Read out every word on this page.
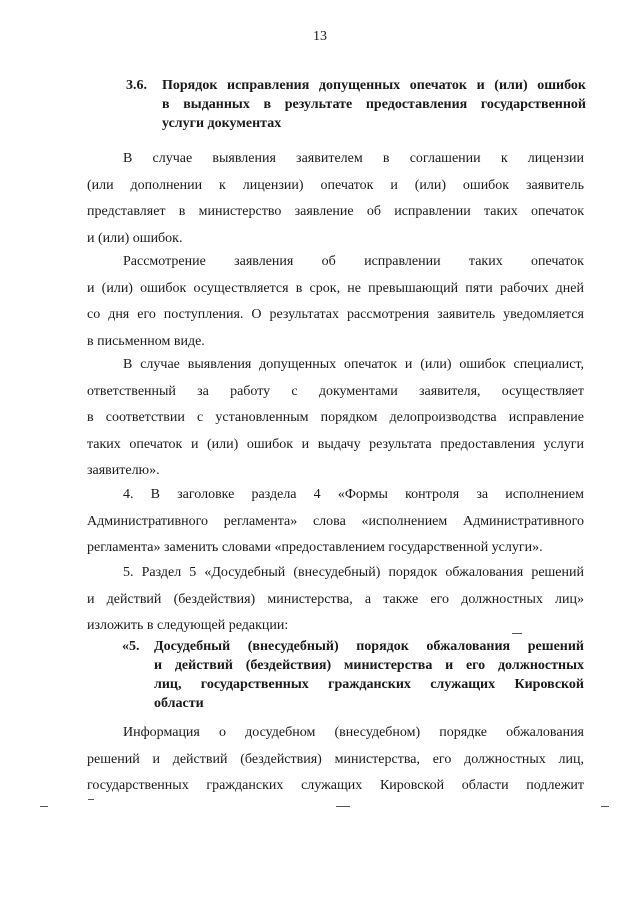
13
3.6. Порядок исправления допущенных опечаток и (или) ошибок
в выданных в результате предоставления государственной
услуги документах
В случае выявления заявителем в соглашении к лицензии
(или дополнении к лицензии) опечаток и (или) ошибок заявитель
представляет в министерство заявление об исправлении таких опечаток
и (или) ошибок.
Рассмотрение заявления об исправлении таких опечаток
и (или) ошибок осуществляется в срок, не превышающий пяти рабочих дней
со дня его поступления. О результатах рассмотрения заявитель уведомляется
в письменном виде.
В случае выявления допущенных опечаток и (или) ошибок специалист,
ответственный за работу с документами заявителя, осуществляет
в соответствии с установленным порядком делопроизводства исправление
таких опечаток и (или) ошибок и выдачу результата предоставления услуги
заявителю».
4. В заголовке раздела 4 «Формы контроля за исполнением
Административного регламента» слова «исполнением Административного
регламента» заменить словами «предоставлением государственной услуги».
5. Раздел 5 «Досудебный (внесудебный) порядок обжалования решений
и действий (бездействия) министерства, а также его должностных лиц»
изложить в следующей редакции:
«5. Досудебный (внесудебный) порядок обжалования решений
и действий (бездействия) министерства и его должностных
лиц, государственных гражданских служащих Кировской
области
Информация о досудебном (внесудебном) порядке обжалования
решений и действий (бездействия) министерства, его должностных лиц,
государственных гражданских служащих Кировской области подлежит
